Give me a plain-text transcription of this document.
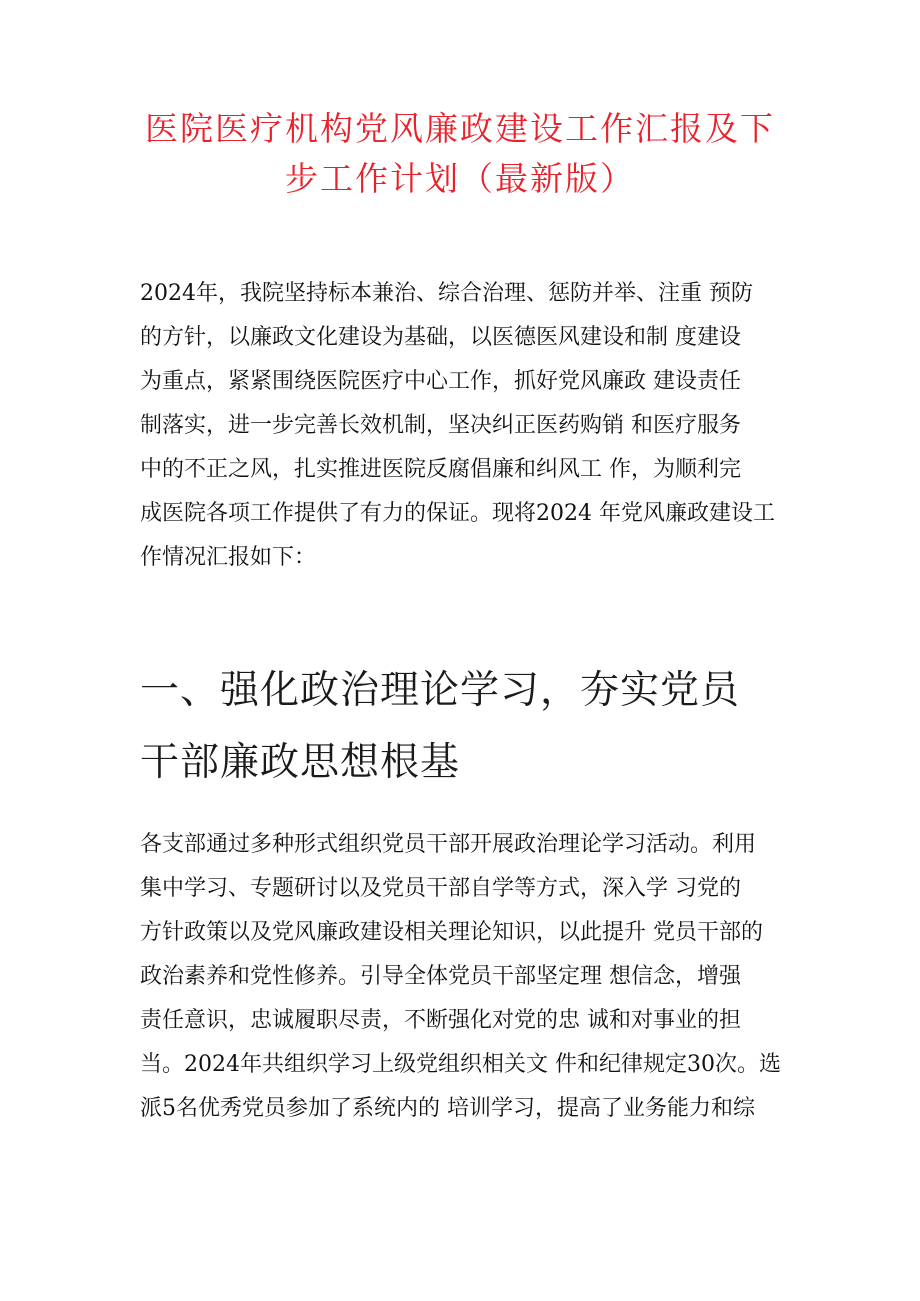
医院医疗机构党风廉政建设工作汇报及下
步工作计划（最新版）
2024年，我院坚持标本兼治、综合治理、惩防并举、注重 预防
的方针，以廉政文化建设为基础，以医德医风建设和制 度建设
为重点，紧紧围绕医院医疗中心工作，抓好党风廉政 建设责任
制落实，进一步完善长效机制，坚决纠正医药购销 和医疗服务
中的不正之风，扎实推进医院反腐倡廉和纠风工 作，为顺利完
成医院各项工作提供了有力的保证。现将2024 年党风廉政建设工
作情况汇报如下：
一、强化政治理论学习，夯实党员
干部廉政思想根基
各支部通过多种形式组织党员干部开展政治理论学习活动。利用
集中学习、专题研讨以及党员干部自学等方式，深入学 习党的
方针政策以及党风廉政建设相关理论知识，以此提升 党员干部的
政治素养和党性修养。引导全体党员干部坚定理 想信念，增强
责任意识，忠诚履职尽责，不断强化对党的忠 诚和对事业的担
当。2024年共组织学习上级党组织相关文 件和纪律规定30次。选
派5名优秀党员参加了系统内的 培训学习，提高了业务能力和综
